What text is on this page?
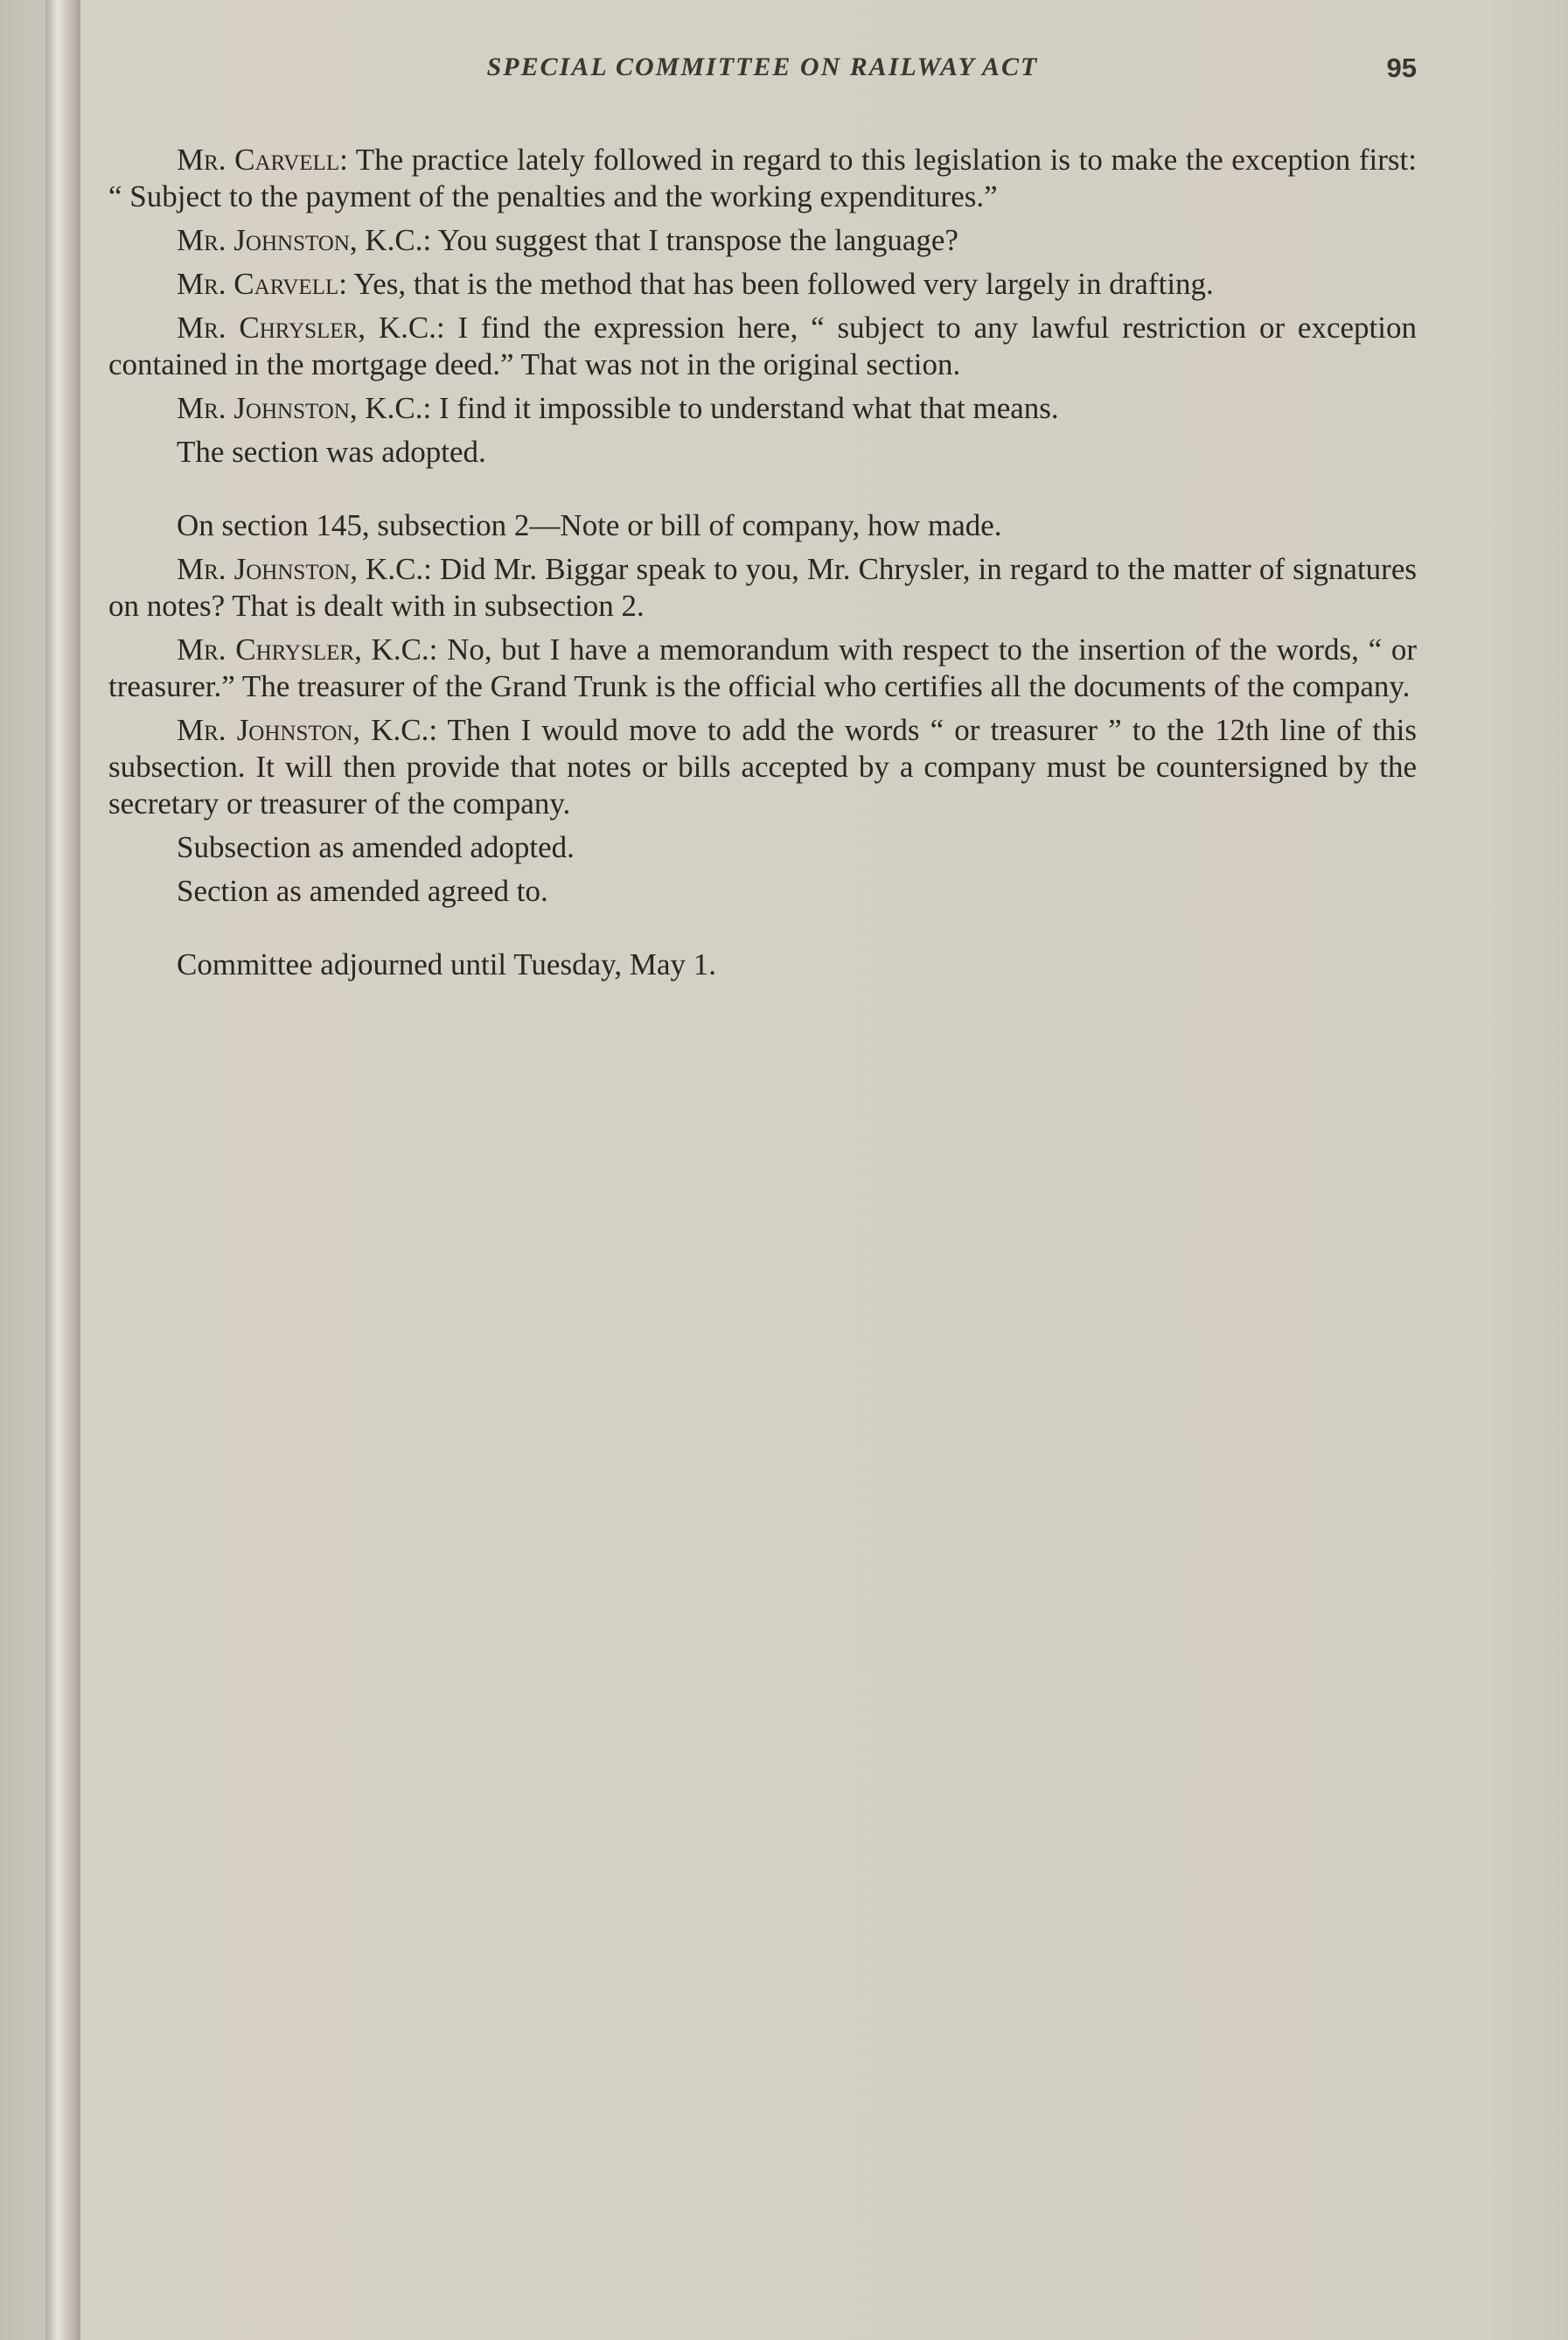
SPECIAL COMMITTEE ON RAILWAY ACT	95

Mr. Carvell: The practice lately followed in regard to this legislation is to make the exception first: “ Subject to the payment of the penalties and the working expenditures.”

Mr. Johnston, K.C.: You suggest that I transpose the language?

Mr. Carvell: Yes, that is the method that has been followed very largely in drafting.

Mr. Chrysler, K.C.: I find the expression here, “ subject to any lawful restriction or exception contained in the mortgage deed.” That was not in the original section.

Mr. Johnston, K.C.: I find it impossible to understand what that means.

The section was adopted.

On section 145, subsection 2—Note or bill of company, how made.

Mr. Johnston, K.C.: Did Mr. Biggar speak to you, Mr. Chrysler, in regard to the matter of signatures on notes? That is dealt with in subsection 2.

Mr. Chrysler, K.C.: No, but I have a memorandum with respect to the insertion of the words, “ or treasurer.” The treasurer of the Grand Trunk is the official who certifies all the documents of the company.

Mr. Johnston, K.C.: Then I would move to add the words “ or treasurer ” to the 12th line of this subsection. It will then provide that notes or bills accepted by a company must be countersigned by the secretary or treasurer of the company.

Subsection as amended adopted.

Section as amended agreed to.

Committee adjourned until Tuesday, May 1.
